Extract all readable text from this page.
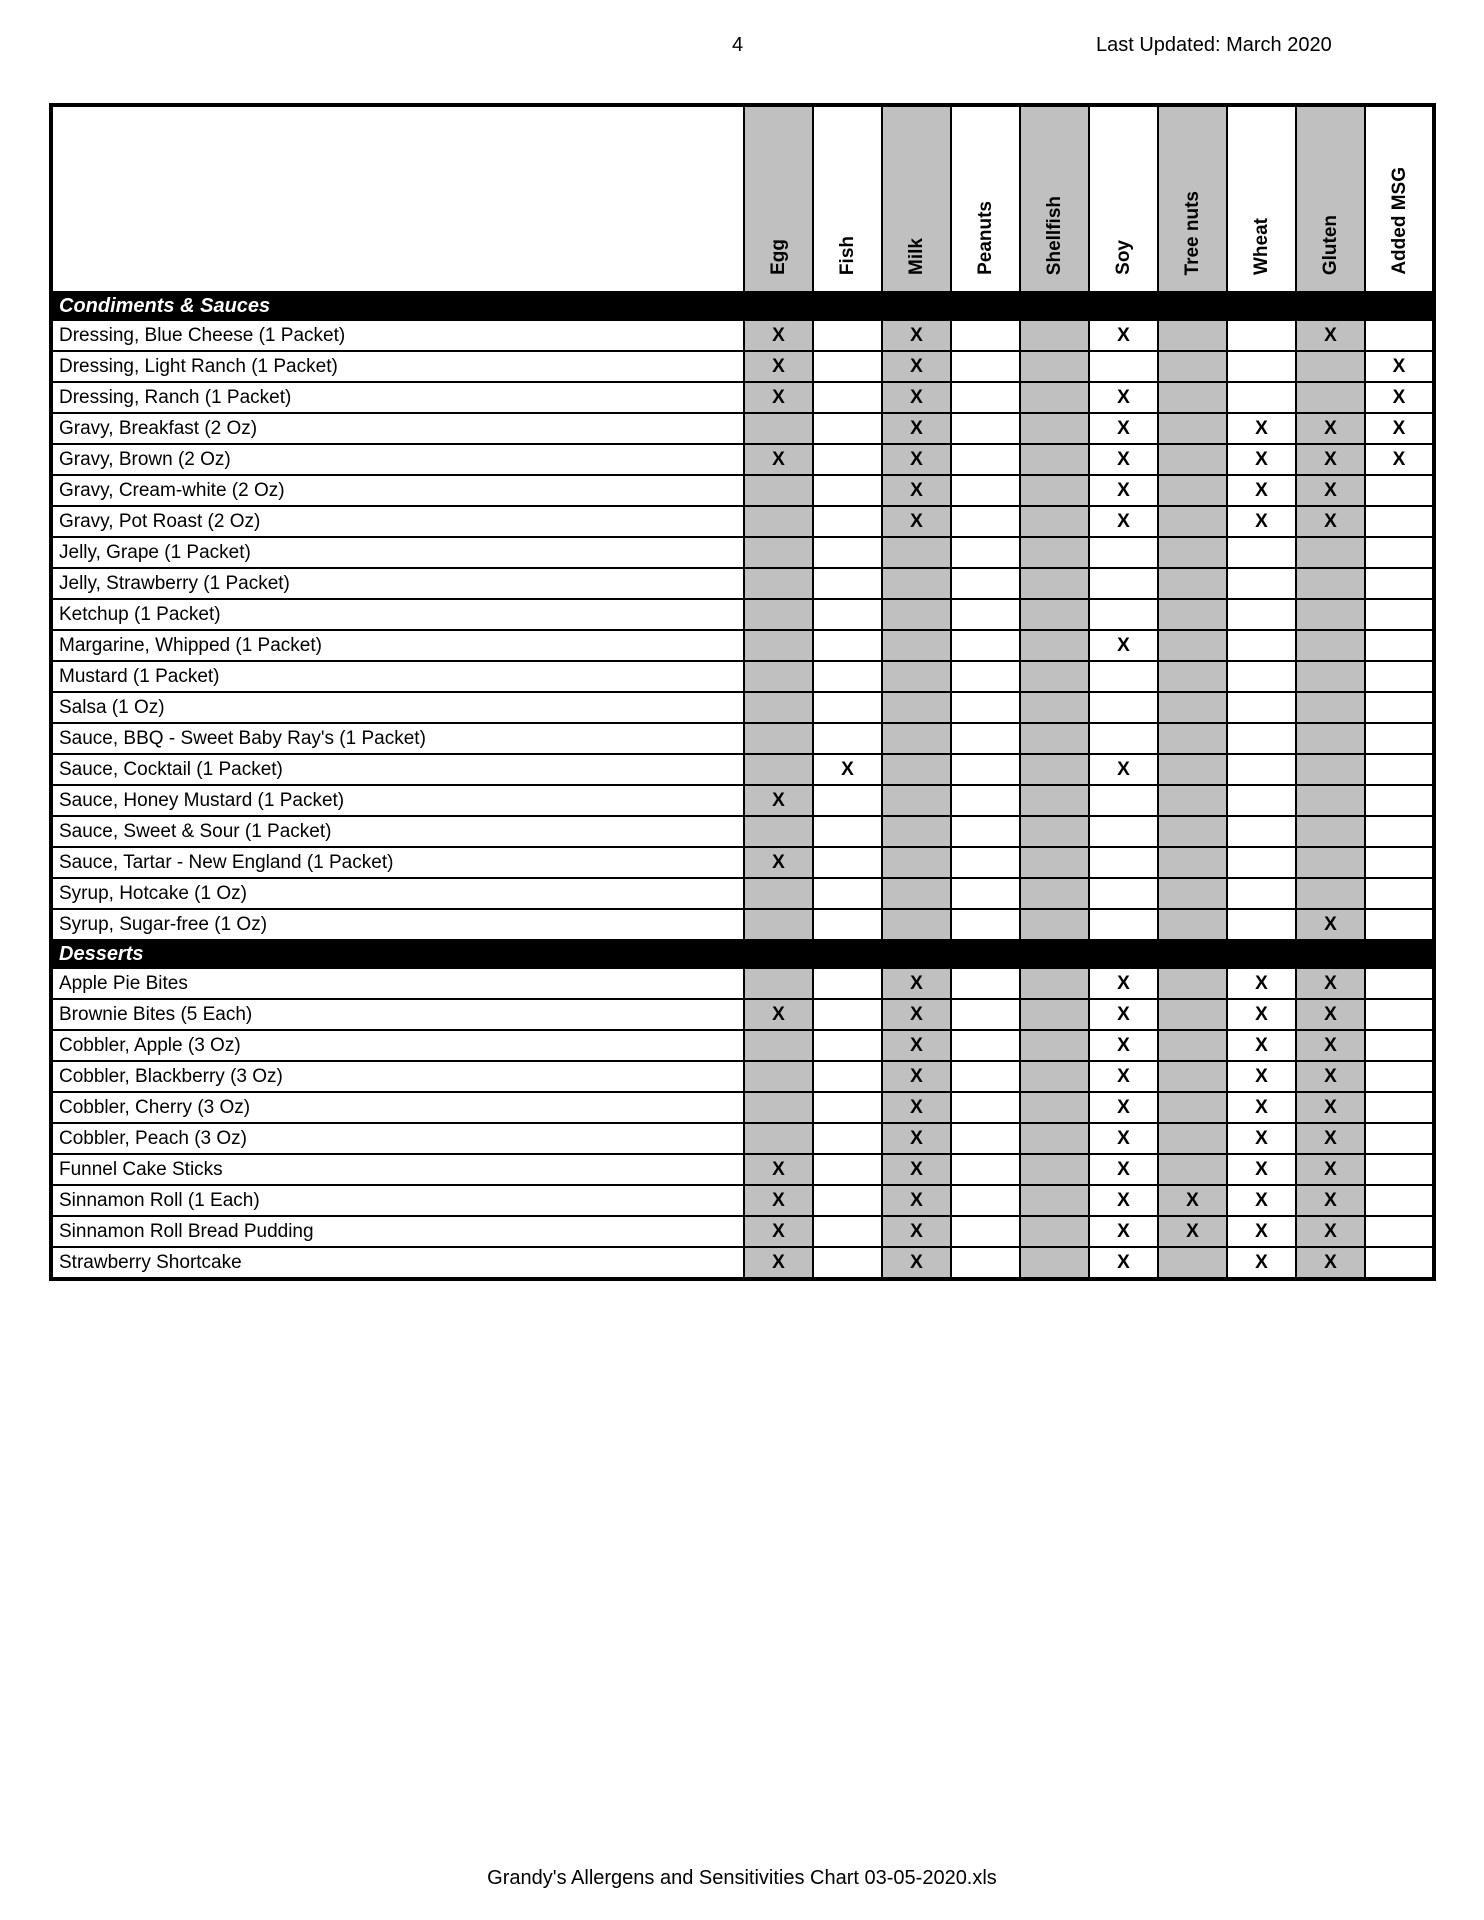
4	Last Updated: March 2020
	Egg	Fish	Milk	Peanuts	Shellfish	Soy	Tree nuts	Wheat	Gluten	Added MSG
Condiments & Sauces										
Dressing, Blue Cheese (1 Packet)	X		X			X			X	
Dressing, Light Ranch (1 Packet)	X		X							X
Dressing, Ranch (1 Packet)	X		X			X				X
Gravy, Breakfast (2 Oz)			X			X		X	X	X
Gravy, Brown (2 Oz)	X		X			X		X	X	X
Gravy, Cream-white (2 Oz)			X			X		X	X	
Gravy, Pot Roast (2 Oz)			X			X		X	X	
Jelly, Grape (1 Packet)										
Jelly, Strawberry (1 Packet)										
Ketchup (1 Packet)										
Margarine, Whipped (1 Packet)						X				
Mustard (1 Packet)										
Salsa (1 Oz)										
Sauce, BBQ - Sweet Baby Ray's (1 Packet)										
Sauce, Cocktail (1 Packet)		X				X				
Sauce, Honey Mustard (1 Packet)	X									
Sauce, Sweet & Sour (1 Packet)										
Sauce, Tartar - New England (1 Packet)	X									
Syrup, Hotcake (1 Oz)										
Syrup, Sugar-free (1 Oz)									X	
Desserts										
Apple Pie Bites			X			X		X	X	
Brownie Bites (5 Each)	X		X			X		X	X	
Cobbler, Apple (3 Oz)			X			X		X	X	
Cobbler, Blackberry (3 Oz)			X			X		X	X	
Cobbler, Cherry (3 Oz)			X			X		X	X	
Cobbler, Peach (3 Oz)			X			X		X	X	
Funnel Cake Sticks	X		X			X		X	X	
Sinnamon Roll (1 Each)	X		X			X	X	X	X	
Sinnamon Roll Bread Pudding	X		X			X	X	X	X	
Strawberry Shortcake	X		X			X		X	X	
Grandy's Allergens and Sensitivities Chart 03-05-2020.xls
